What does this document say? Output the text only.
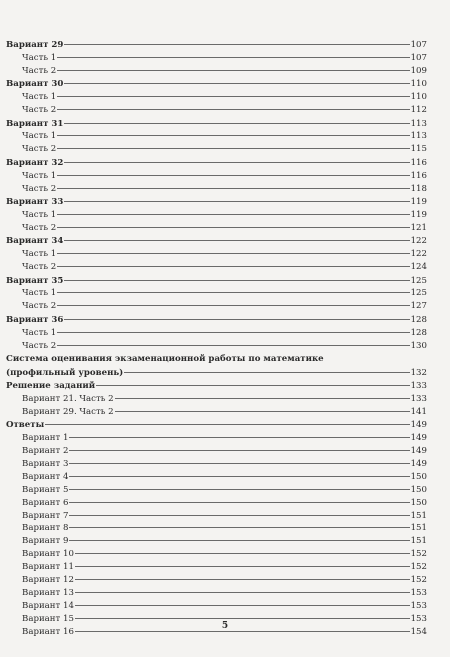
Вариант 29	107
Часть 1	107
Часть 2	109
Вариант 30	110
Часть 1	110
Часть 2	112
Вариант 31	113
Часть 1	113
Часть 2	115
Вариант 32	116
Часть 1	116
Часть 2	118
Вариант 33	119
Часть 1	119
Часть 2	121
Вариант 34	122
Часть 1	122
Часть 2	124
Вариант 35	125
Часть 1	125
Часть 2	127
Вариант 36	128
Часть 1	128
Часть 2	130
Система оценивания экзаменационной работы по математике
(профильный уровень)	132
Решение заданий	133
Вариант 21. Часть 2	133
Вариант 29. Часть 2	141
Ответы	149
Вариант 1	149
Вариант 2	149
Вариант 3	149
Вариант 4	150
Вариант 5	150
Вариант 6	150
Вариант 7	151
Вариант 8	151
Вариант 9	151
Вариант 10	152
Вариант 11	152
Вариант 12	152
Вариант 13	153
Вариант 14	153
Вариант 15	153
Вариант 16	154
5
